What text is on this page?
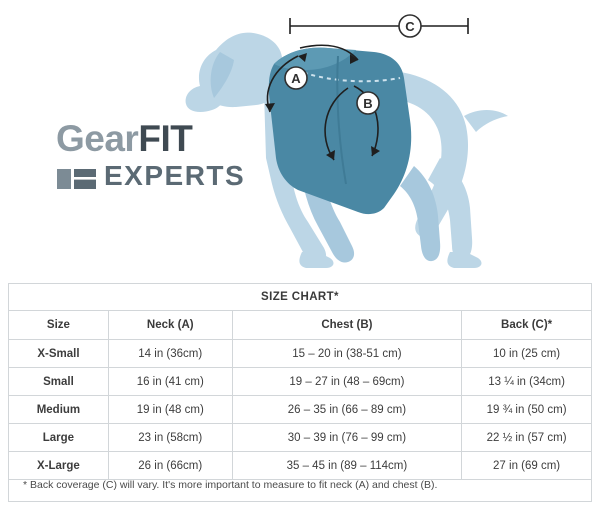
A
B
C
GearFIT
EXPERTS
SIZE CHART*			
Size	Neck (A)	Chest (B)	Back (C)*
X-Small	14 in (36cm)	15 – 20 in (38-51 cm)	10 in (25 cm)
Small	16 in (41 cm)	19 – 27 in (48 – 69cm)	13 ¼ in (34cm)
Medium	19 in (48 cm)	26 – 35 in (66 – 89 cm)	19 ¾ in (50 cm)
Large	23 in (58cm)	30 – 39 in (76 – 99 cm)	22 ½ in (57 cm)
X-Large	26 in (66cm)	35 – 45 in (89 – 114cm)	27 in (69 cm)
* Back coverage (C) will vary. It's more important to measure to fit neck (A) and chest (B).
